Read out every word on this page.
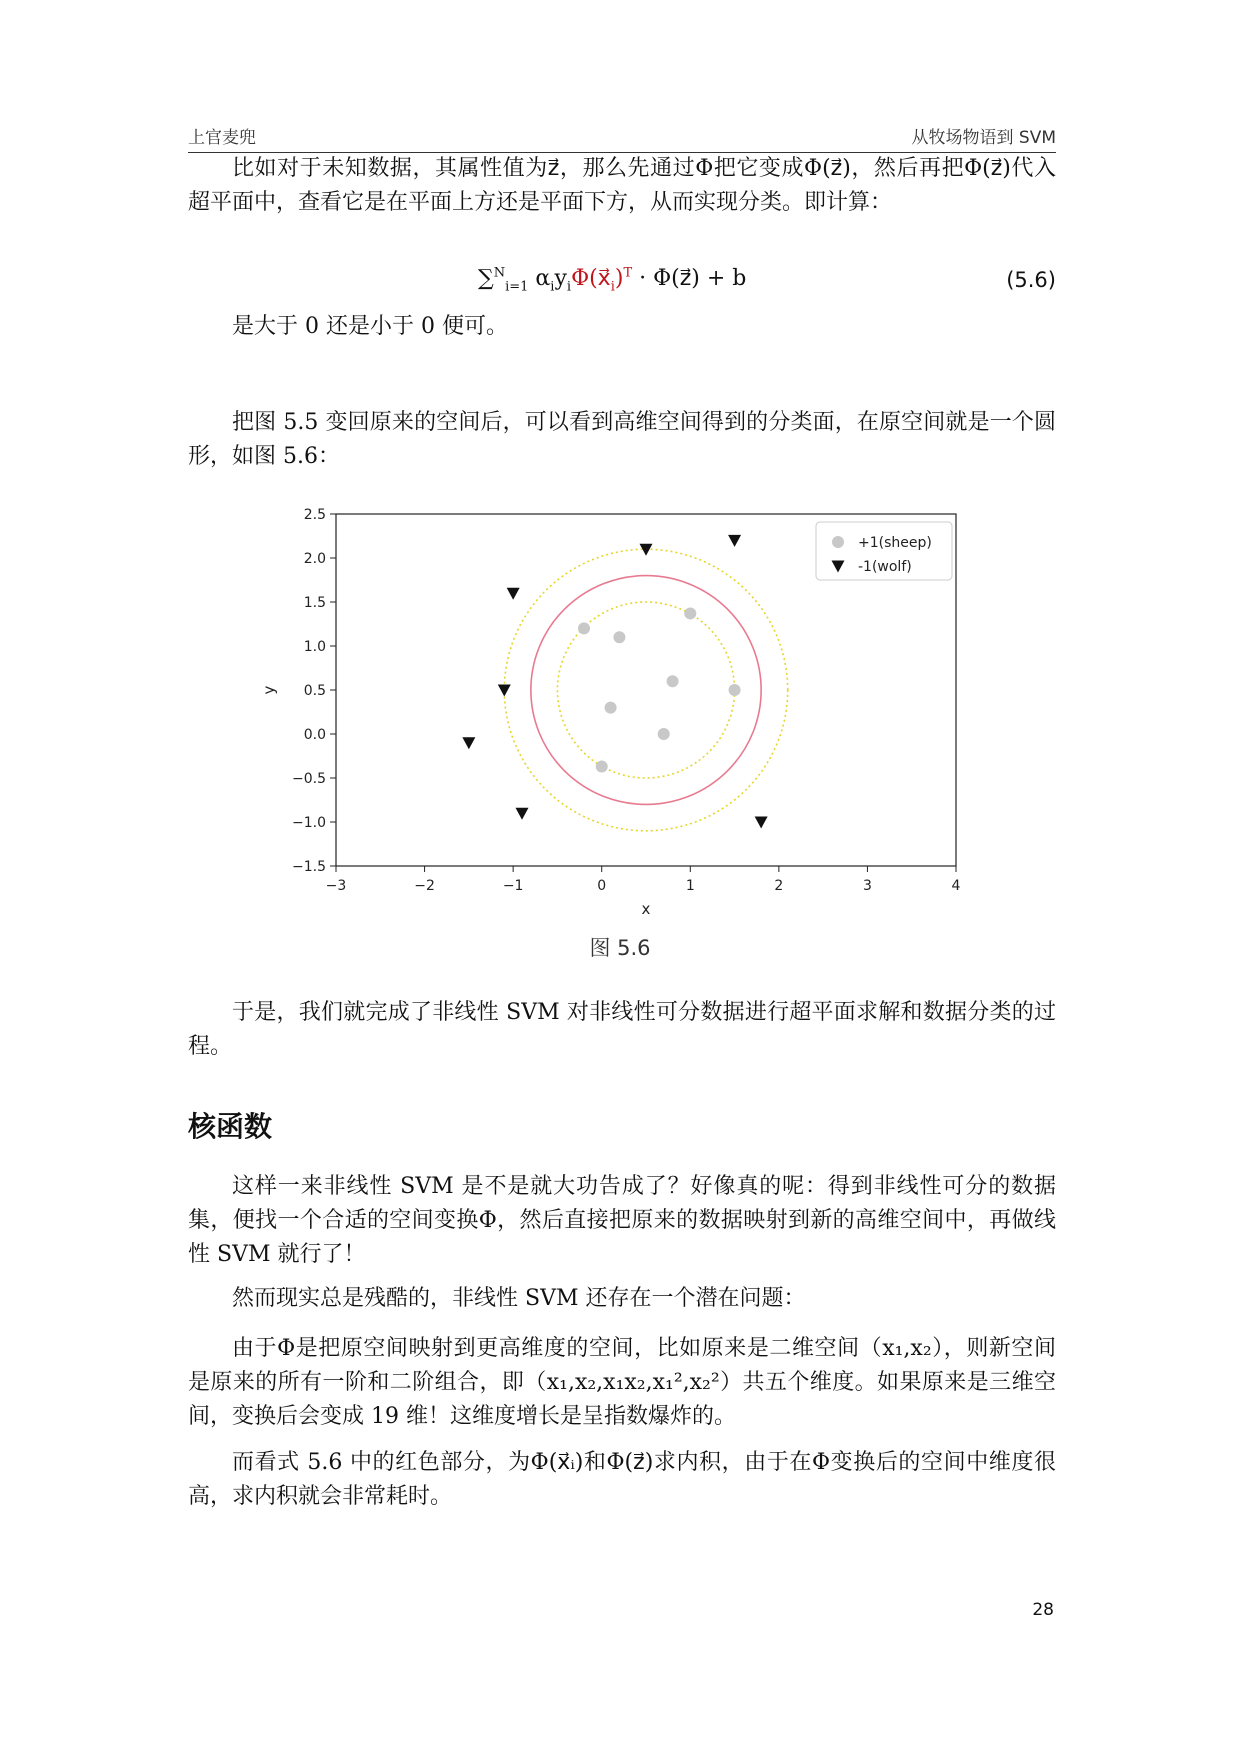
上官麦兜	从牧场物语到 SVM

比如对于未知数据，其属性值为z⃗，那么先通过Φ把它变成Φ(z⃗)，然后再把Φ(z⃗)代入超平面中，查看它是在平面上方还是平面下方，从而实现分类。即计算：

∑$^N_{i=1}$ $\alpha_iy_i\Phi(x⃗_i)^T$ · Φ(z⃗) + b	(5.6)

是大于 0 还是小于 0 便可。

把图 5.5 变回原来的空间后，可以看到高维空间得到的分类面，在原空间就是一个圆形，如图 5.6：

−3	−2	−1	0	1	2	3	4
−1.5
−1.0
−0.5
0.0
0.5
1.0
1.5
2.0
2.5
x
y
+1(sheep)
-1(wolf)
图 5.6

于是，我们就完成了非线性 SVM 对非线性可分数据进行超平面求解和数据分类的过程。

核函数

这样一来非线性 SVM 是不是就大功告成了？好像真的呢：得到非线性可分的数据集，便找一个合适的空间变换Φ，然后直接把原来的数据映射到新的高维空间中，再做线性 SVM 就行了！

然而现实总是残酷的，非线性 SVM 还存在一个潜在问题：

由于Φ是把原空间映射到更高维度的空间，比如原来是二维空间（x₁,x₂），则新空间是原来的所有一阶和二阶组合，即（x₁,x₂,x₁x₂,x₁²,x₂²）共五个维度。如果原来是三维空间，变换后会变成 19 维！这维度增长是呈指数爆炸的。

而看式 5.6 中的红色部分，为Φ(x⃗ᵢ)和Φ(z⃗)求内积，由于在Φ变换后的空间中维度很高，求内积就会非常耗时。

28
